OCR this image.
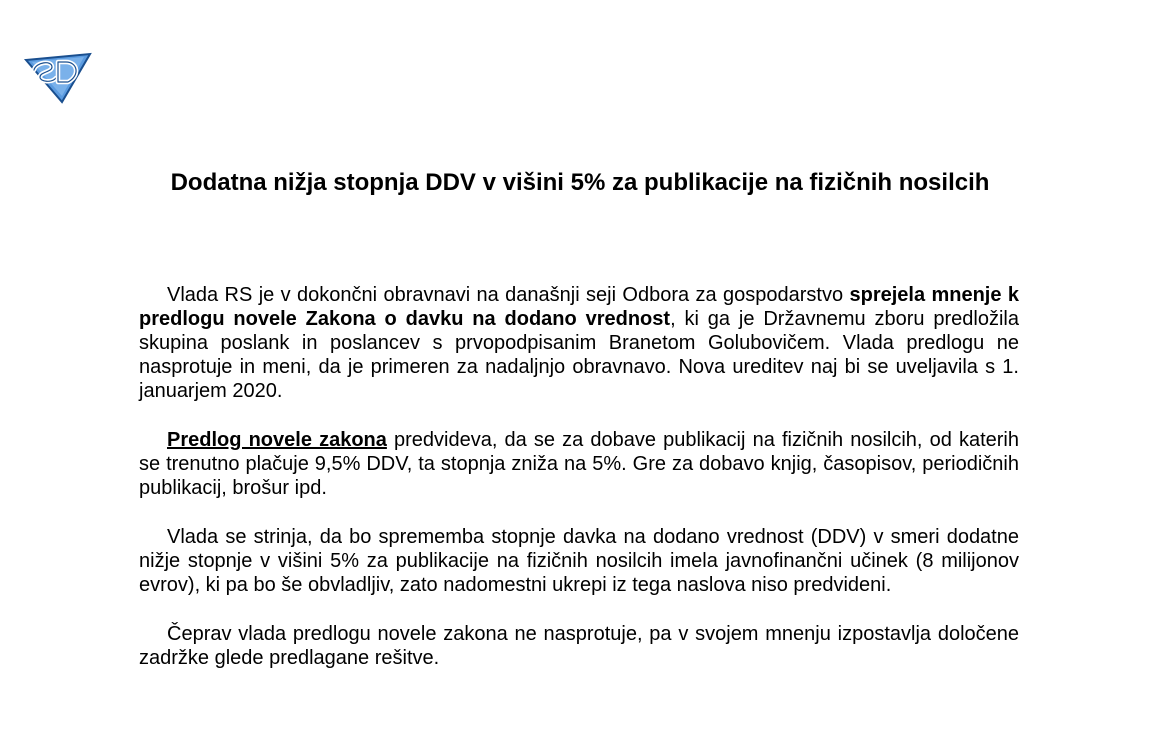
Dodatna nižja stopnja DDV v višini 5% za publikacije na fizičnih nosilcih

Vlada RS je v dokončni obravnavi na današnji seji Odbora za gospodarstvo sprejela mnenje k predlogu novele Zakona o davku na dodano vrednost, ki ga je Državnemu zboru predložila skupina poslank in poslancev s prvopodpisanim Branetom Golubovičem. Vlada predlogu ne nasprotuje in meni, da je primeren za nadaljnjo obravnavo. Nova ureditev naj bi se uveljavila s 1. januarjem 2020.

Predlog novele zakona predvideva, da se za dobave publikacij na fizičnih nosilcih, od katerih se trenutno plačuje 9,5% DDV, ta stopnja zniža na 5%. Gre za dobavo knjig, časopisov, periodičnih publikacij, brošur ipd.

Vlada se strinja, da bo sprememba stopnje davka na dodano vrednost (DDV) v smeri dodatne nižje stopnje v višini 5% za publikacije na fizičnih nosilcih imela javnofinančni učinek (8 milijonov evrov), ki pa bo še obvladljiv, zato nadomestni ukrepi iz tega naslova niso predvideni.

Čeprav vlada predlogu novele zakona ne nasprotuje, pa v svojem mnenju izpostavlja določene zadržke glede predlagane rešitve.
